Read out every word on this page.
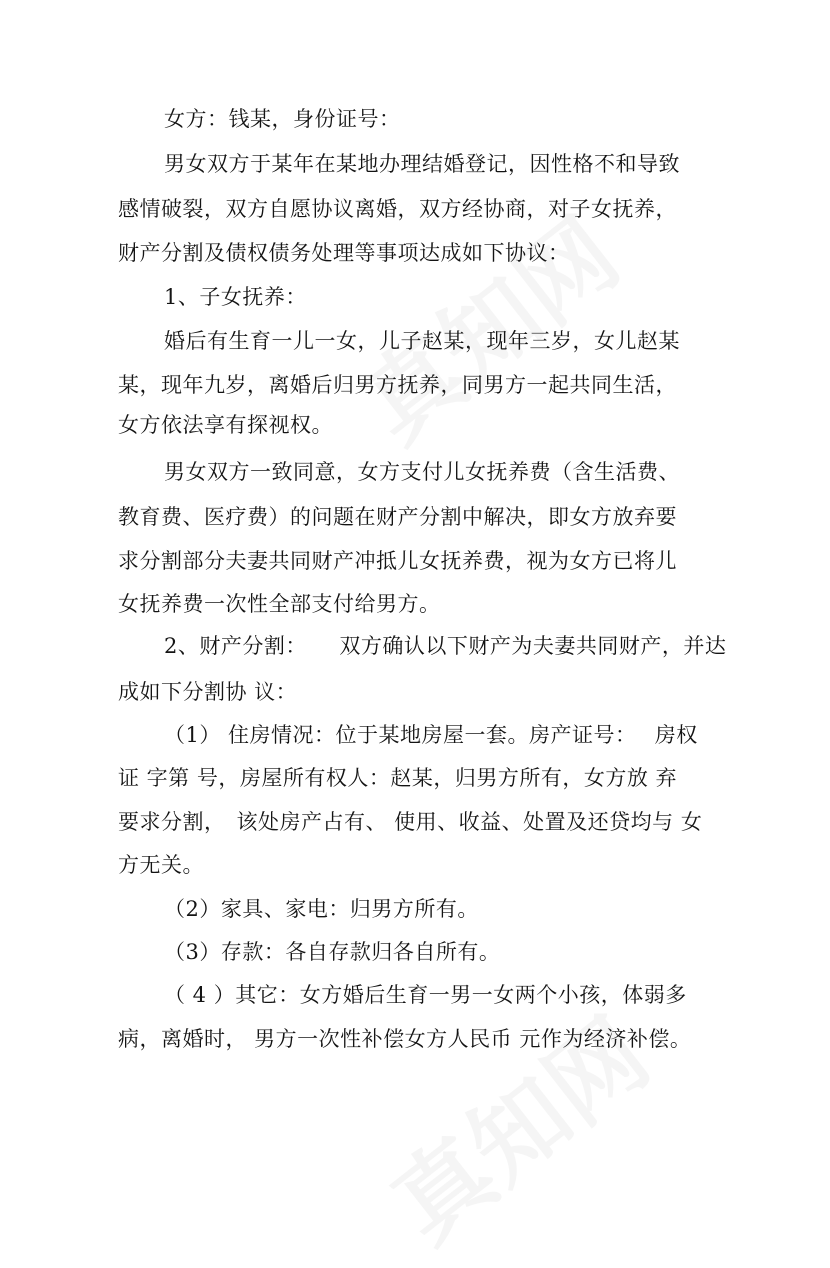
女方：钱某，身份证号：
男女双方于某年在某地办理结婚登记，因性格不和导致
感情破裂，双方自愿协议离婚，双方经协商，对子女抚养，
财产分割及债权债务处理等事项达成如下协议：
1、子女抚养：
婚后有生育一儿一女，儿子赵某，现年三岁，女儿赵某
某，现年九岁，离婚后归男方抚养，同男方一起共同生活，
女方依法享有探视权。
男女双方一致同意，女方支付儿女抚养费（含生活费、
教育费、医疗费）的问题在财产分割中解决，即女方放弃要
求分割部分夫妻共同财产冲抵儿女抚养费，视为女方已将儿
女抚养费一次性全部支付给男方。
2、财产分割：　　双方确认以下财产为夫妻共同财产，并达
成如下分割协 议：
（1） 住房情况：位于某地房屋一套。房产证号：　 房权
证 字第 号，房屋所有权人：赵某，归男方所有，女方放 弃
要求分割，　该处房产占有、 使用、收益、处置及还贷均与 女
方无关。
（2）家具、家电：归男方所有。
（3）存款：各自存款归各自所有。
（ 4 ）其它：女方婚后生育一男一女两个小孩，体弱多
病，离婚时， 男方一次性补偿女方人民币 元作为经济补偿。
